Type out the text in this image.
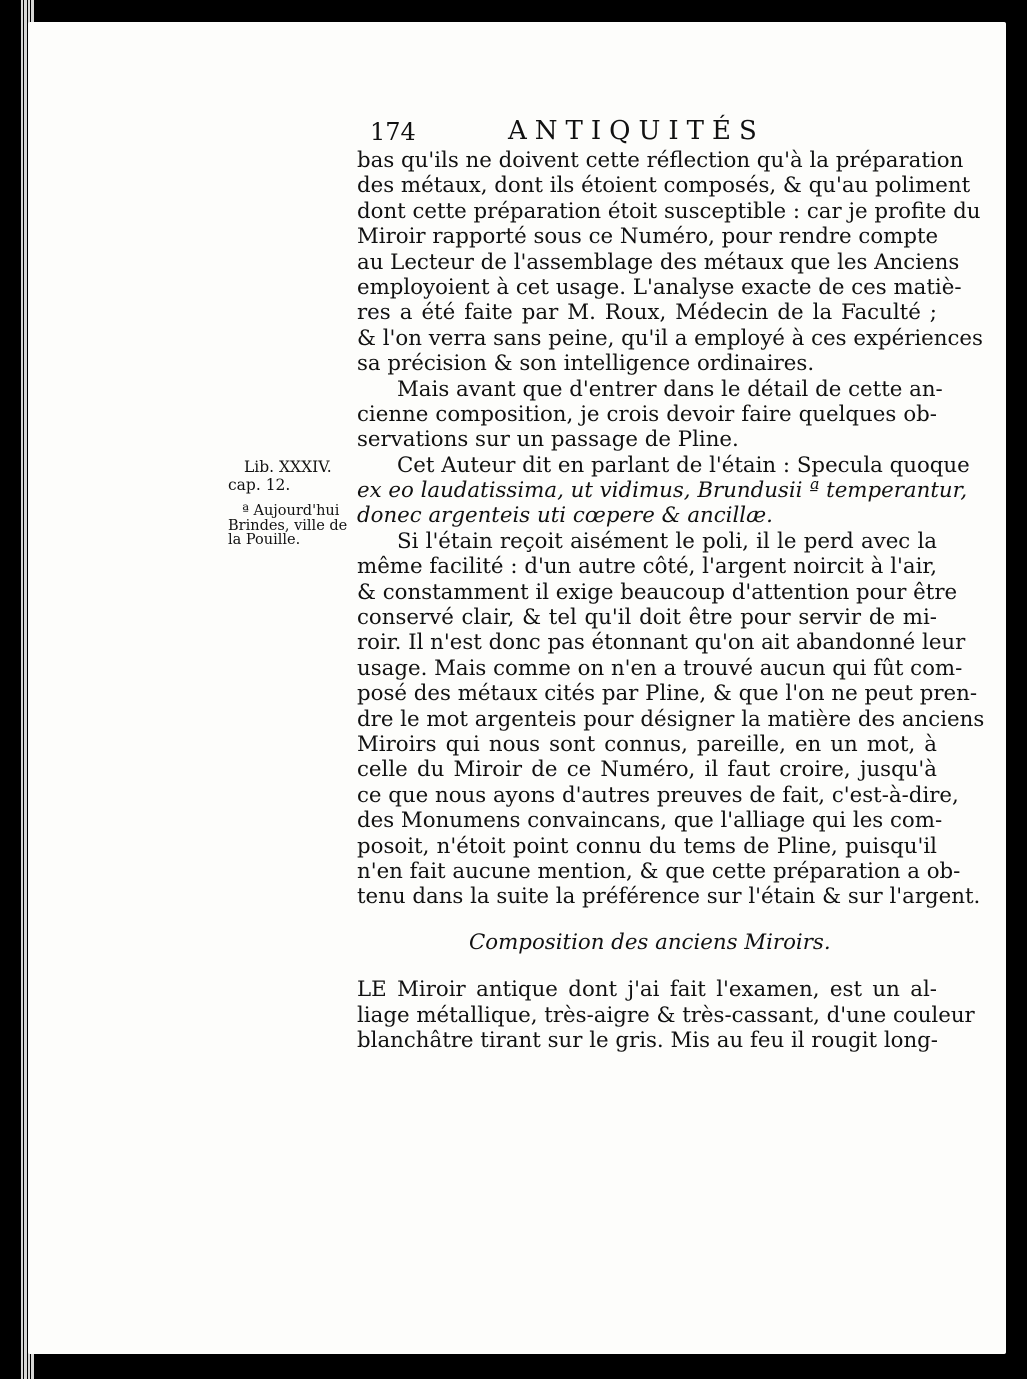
174	ANTIQUITÉS
bas qu'ils ne doivent cette réflection qu'à la préparation
des métaux, dont ils étoient composés, & qu'au poliment
dont cette préparation étoit susceptible : car je profite du
Miroir rapporté sous ce Numéro, pour rendre compte
au Lecteur de l'assemblage des métaux que les Anciens
employoient à cet usage. L'analyse exacte de ces matiè-
res a été faite par M. Roux, Médecin de la Faculté ;
& l'on verra sans peine, qu'il a employé à ces expériences
sa précision & son intelligence ordinaires.
Mais avant que d'entrer dans le détail de cette an-
cienne composition, je crois devoir faire quelques ob-
servations sur un passage de Pline.
Cet Auteur dit en parlant de l'étain : Specula quoque
ex eo laudatissima, ut vidimus, Brundusii ª temperantur,
donec argenteis uti cœpere & ancillæ.
Si l'étain reçoit aisément le poli, il le perd avec la
même facilité : d'un autre côté, l'argent noircit à l'air,
& constamment il exige beaucoup d'attention pour être
conservé clair, & tel qu'il doit être pour servir de mi-
roir. Il n'est donc pas étonnant qu'on ait abandonné leur
usage. Mais comme on n'en a trouvé aucun qui fût com-
posé des métaux cités par Pline, & que l'on ne peut pren-
dre le mot argenteis pour désigner la matière des anciens
Miroirs qui nous sont connus, pareille, en un mot, à
celle du Miroir de ce Numéro, il faut croire, jusqu'à
ce que nous ayons d'autres preuves de fait, c'est-à-dire,
des Monumens convaincans, que l'alliage qui les com-
posoit, n'étoit point connu du tems de Pline, puisqu'il
n'en fait aucune mention, & que cette préparation a ob-
tenu dans la suite la préférence sur l'étain & sur l'argent.
Composition des anciens Miroirs.
LE Miroir antique dont j'ai fait l'examen, est un al-
liage métallique, très-aigre & très-cassant, d'une couleur
blanchâtre tirant sur le gris. Mis au feu il rougit long-
Lib. XXXIV.
cap. 12.
ª Aujourd'hui
Brindes, ville de
la Pouille.
